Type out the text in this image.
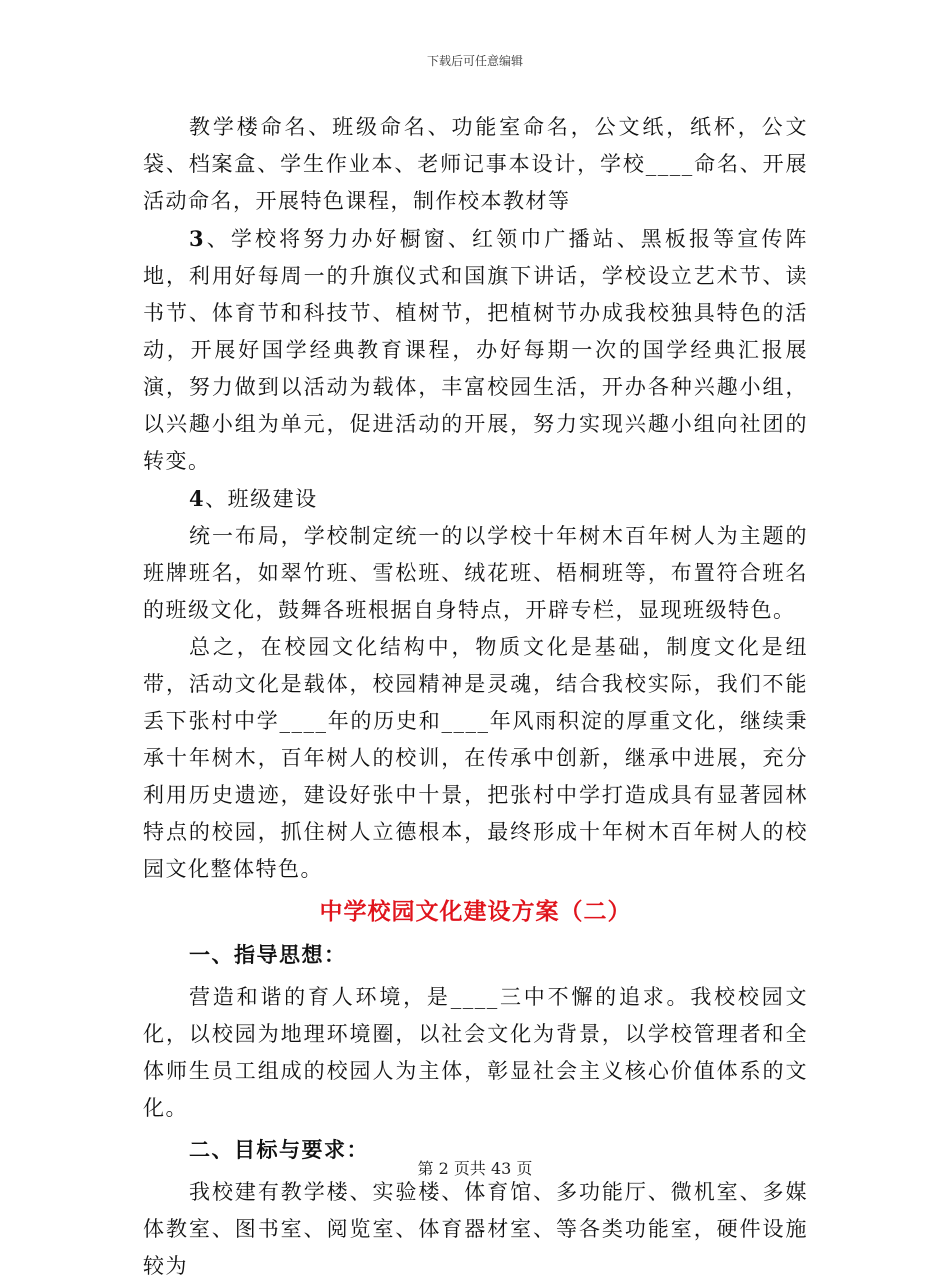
下载后可任意编辑

教学楼命名、班级命名、功能室命名，公文纸，纸杯，公文袋、档案盒、学生作业本、老师记事本设计，学校____命名、开展活动命名，开展特色课程，制作校本教材等

3、学校将努力办好橱窗、红领巾广播站、黑板报等宣传阵地，利用好每周一的升旗仪式和国旗下讲话，学校设立艺术节、读书节、体育节和科技节、植树节，把植树节办成我校独具特色的活动，开展好国学经典教育课程，办好每期一次的国学经典汇报展演，努力做到以活动为载体，丰富校园生活，开办各种兴趣小组，以兴趣小组为单元，促进活动的开展，努力实现兴趣小组向社团的转变。

4、班级建设

统一布局，学校制定统一的以学校十年树木百年树人为主题的班牌班名，如翠竹班、雪松班、绒花班、梧桐班等，布置符合班名的班级文化，鼓舞各班根据自身特点，开辟专栏，显现班级特色。

总之，在校园文化结构中，物质文化是基础，制度文化是纽带，活动文化是载体，校园精神是灵魂，结合我校实际，我们不能丢下张村中学____年的历史和____年风雨积淀的厚重文化，继续秉承十年树木，百年树人的校训，在传承中创新，继承中进展，充分利用历史遗迹，建设好张中十景，把张村中学打造成具有显著园林特点的校园，抓住树人立德根本，最终形成十年树木百年树人的校园文化整体特色。

中学校园文化建设方案（二）
一、指导思想：

营造和谐的育人环境，是____三中不懈的追求。我校校园文化，以校园为地理环境圈，以社会文化为背景，以学校管理者和全体师生员工组成的校园人为主体，彰显社会主义核心价值体系的文化。

二、目标与要求：

我校建有教学楼、实验楼、体育馆、多功能厅、微机室、多媒体教室、图书室、阅览室、体育器材室、等各类功能室，硬件设施较为

第 2 页共 43 页
